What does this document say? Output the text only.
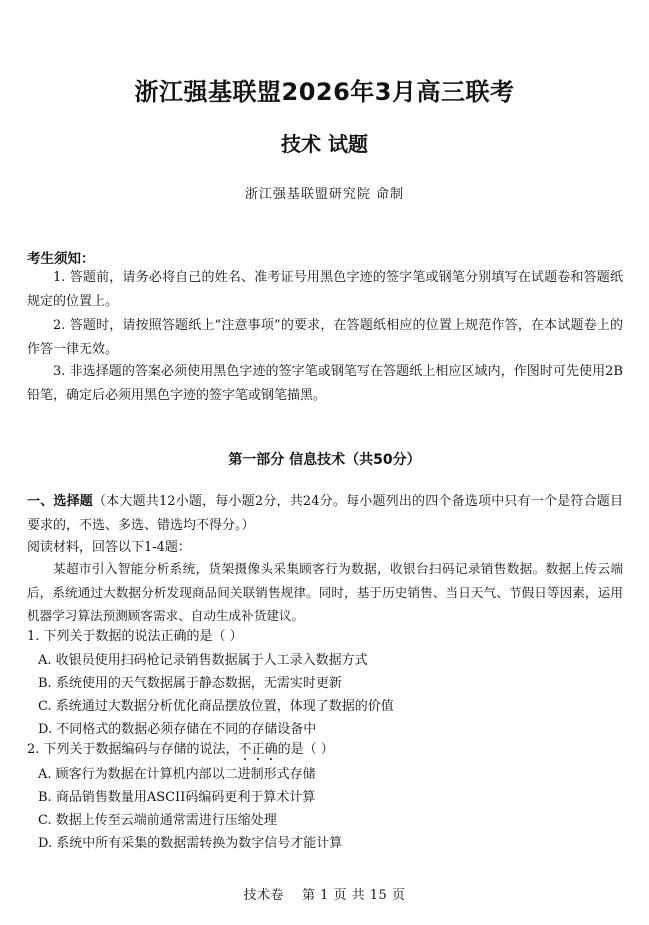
浙江强基联盟2026年3月高三联考
技术 试题
浙江强基联盟研究院 命制
考生须知：
1. 答题前，请务必将自己的姓名、准考证号用黑色字迹的签字笔或钢笔分别填写在试题卷和答题纸规定的位置上。
2. 答题时，请按照答题纸上“注意事项”的要求，在答题纸相应的位置上规范作答，在本试题卷上的作答一律无效。
3. 非选择题的答案必须使用黑色字迹的签字笔或钢笔写在答题纸上相应区域内，作图时可先使用2B铅笔，确定后必须用黑色字迹的签字笔或钢笔描黑。
第一部分 信息技术（共50分）
一、选择题（本大题共12小题，每小题2分，共24分。每小题列出的四个备选项中只有一个是符合题目要求的，不选、多选、错选均不得分。）
阅读材料，回答以下1-4题：
某超市引入智能分析系统，货架摄像头采集顾客行为数据，收银台扫码记录销售数据。数据上传云端后，系统通过大数据分析发现商品间关联销售规律。同时，基于历史销售、当日天气、节假日等因素，运用机器学习算法预测顾客需求、自动生成补货建议。
1. 下列关于数据的说法正确的是（ ）
A. 收银员使用扫码枪记录销售数据属于人工录入数据方式
B. 系统使用的天气数据属于静态数据，无需实时更新
C. 系统通过大数据分析优化商品摆放位置，体现了数据的价值
D. 不同格式的数据必须存储在不同的存储设备中
2. 下列关于数据编码与存储的说法，不正确的是（ ）
A. 顾客行为数据在计算机内部以二进制形式存储
B. 商品销售数量用ASCII码编码更利于算术计算
C. 数据上传至云端前通常需进行压缩处理
D. 系统中所有采集的数据需转换为数字信号才能计算
技术卷 第 1 页 共 15 页
